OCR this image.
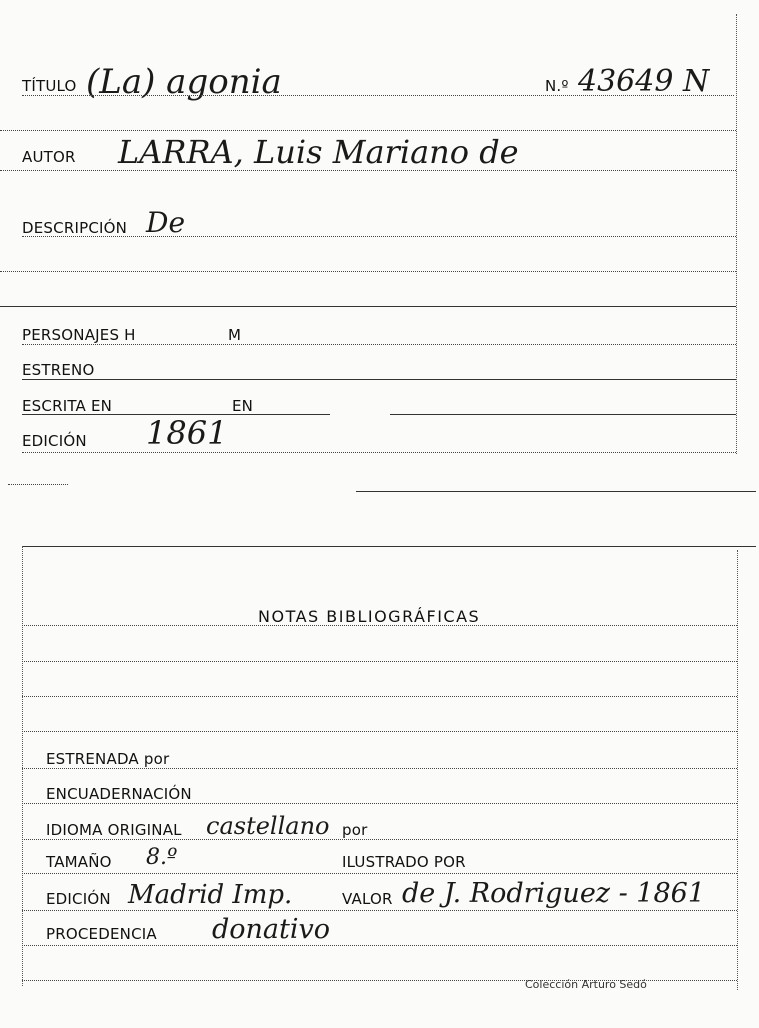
TÍTULO (La) agonia	N.º 43649 N
AUTOR LARRA, Luis Mariano de
DESCRIPCIÓN De
PERSONAJES H	M
ESTRENO
ESCRITA EN	EN
EDICIÓN 1861
NOTAS BIBLIOGRÁFICAS
ESTRENADA por
ENCUADERNACIÓN
IDIOMA ORIGINAL castellano por
TAMAÑO 8.º	ILUSTRADO POR
EDICIÓN Madrid Imp.	VALOR de J. Rodriguez - 1861
PROCEDENCIA donativo
Colección Arturo Sedó
